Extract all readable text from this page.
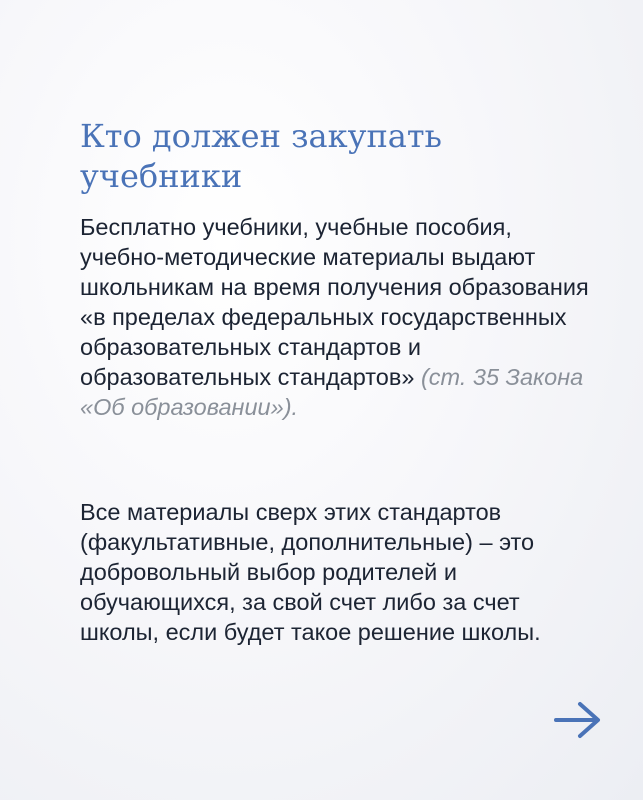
Кто должен закупать учебники

Бесплатно учебники, учебные пособия, учебно-методические материалы выдают школьникам на время получения образования «в пределах федеральных государственных образовательных стандартов и образовательных стандартов» (ст. 35 Закона «Об образовании»).

Все материалы сверх этих стандартов (факультативные, дополнительные) – это добровольный выбор родителей и обучающихся, за свой счет либо за счет школы, если будет такое решение школы.
